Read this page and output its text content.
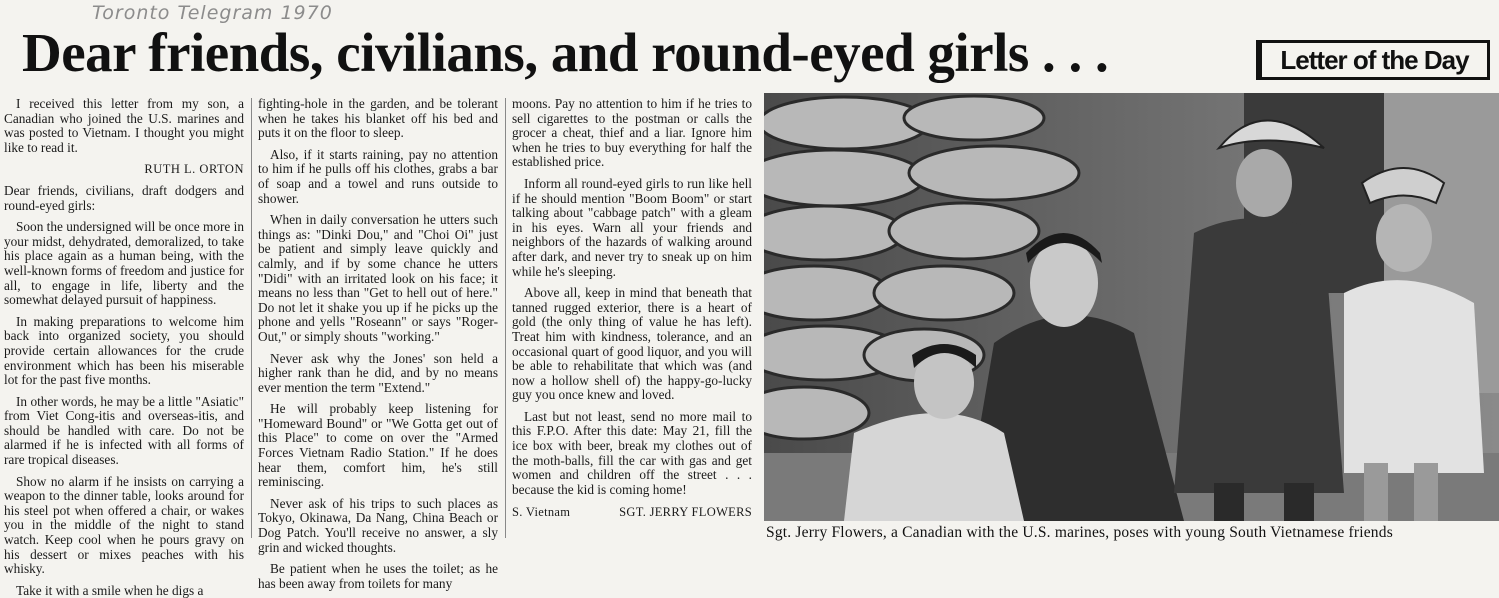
Toronto Telegram 1970
Dear friends, civilians, and round-eyed girls . . .	Letter of the Day

I received this letter from my son, a Canadian who joined the U.S. marines and was posted to Vietnam. I thought you might like to read it.

RUTH L. ORTON

Dear friends, civilians, draft dodgers and round-eyed girls:

Soon the undersigned will be once more in your midst, dehydrated, demoralized, to take his place again as a human being, with the well-known forms of freedom and justice for all, to engage in life, liberty and the somewhat delayed pursuit of happiness.

In making preparations to welcome him back into organized society, you should provide certain allowances for the crude environment which has been his miserable lot for the past five months.

In other words, he may be a little "Asiatic" from Viet Cong-itis and overseas-itis, and should be handled with care. Do not be alarmed if he is infected with all forms of rare tropical diseases.

Show no alarm if he insists on carrying a weapon to the dinner table, looks around for his steel pot when offered a chair, or wakes you in the middle of the night to stand watch. Keep cool when he pours gravy on his dessert or mixes peaches with his whisky.

Take it with a smile when he digs a

fighting-hole in the garden, and be tolerant when he takes his blanket off his bed and puts it on the floor to sleep.

Also, if it starts raining, pay no attention to him if he pulls off his clothes, grabs a bar of soap and a towel and runs outside to shower.

When in daily conversation he utters such things as: "Dinki Dou," and "Choi Oi" just be patient and simply leave quickly and calmly, and if by some chance he utters "Didi" with an irritated look on his face; it means no less than "Get to hell out of here." Do not let it shake you up if he picks up the phone and yells "Roseann" or says "Roger-Out," or simply shouts "working."

Never ask why the Jones' son held a higher rank than he did, and by no means ever mention the term "Extend."

He will probably keep listening for "Homeward Bound" or "We Gotta get out of this Place" to come on over the "Armed Forces Vietnam Radio Station." If he does hear them, comfort him, he's still reminiscing.

Never ask of his trips to such places as Tokyo, Okinawa, Da Nang, China Beach or Dog Patch. You'll receive no answer, a sly grin and wicked thoughts.

Be patient when he uses the toilet; as he has been away from toilets for many

moons. Pay no attention to him if he tries to sell cigarettes to the postman or calls the grocer a cheat, thief and a liar. Ignore him when he tries to buy everything for half the established price.

Inform all round-eyed girls to run like hell if he should mention "Boom Boom" or start talking about "cabbage patch" with a gleam in his eyes. Warn all your friends and neighbors of the hazards of walking around after dark, and never try to sneak up on him while he's sleeping.

Above all, keep in mind that beneath that tanned rugged exterior, there is a heart of gold (the only thing of value he has left). Treat him with kindness, tolerance, and an occasional quart of good liquor, and you will be able to rehabilitate that which was (and now a hollow shell of) the happy-go-lucky guy you once knew and loved.

Last but not least, send no more mail to this F.P.O. After this date: May 21, fill the ice box with beer, break my clothes out of the moth-balls, fill the car with gas and get women and children off the street . . . because the kid is coming home!

S. Vietnam	SGT. JERRY FLOWERS
Sgt. Jerry Flowers, a Canadian with the U.S. marines, poses with young South Vietnamese friends
